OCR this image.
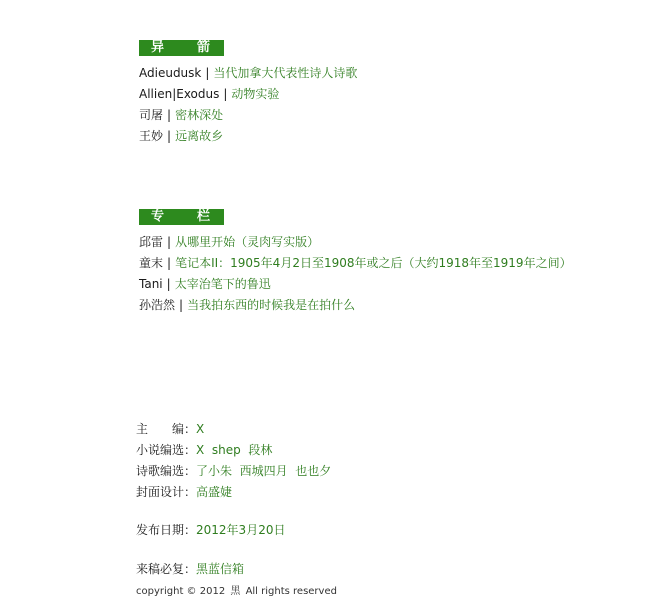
异	箭
Adieudusk | 当代加拿大代表性诗人诗歌
Allien|Exodus | 动物实验
司屠 | 密林深处
王妙 | 远离故乡
专	栏
邱雷 | 从哪里开始（灵肉写实版）
童末 | 笔记本II：1905年4月2日至1908年或之后（大约1918年至1919年之间）
Tani | 太宰治笔下的鲁迅
孙浩然 | 当我拍东西的时候我是在拍什么
主　　编：X
小说编选：X  shep  段林
诗歌编选：了小朱  西城四月  也也夕
封面设计：高盛婕
发布日期：2012年3月20日
来稿必复：黑蓝信箱
copyright © 2012 黑 All rights reserved
